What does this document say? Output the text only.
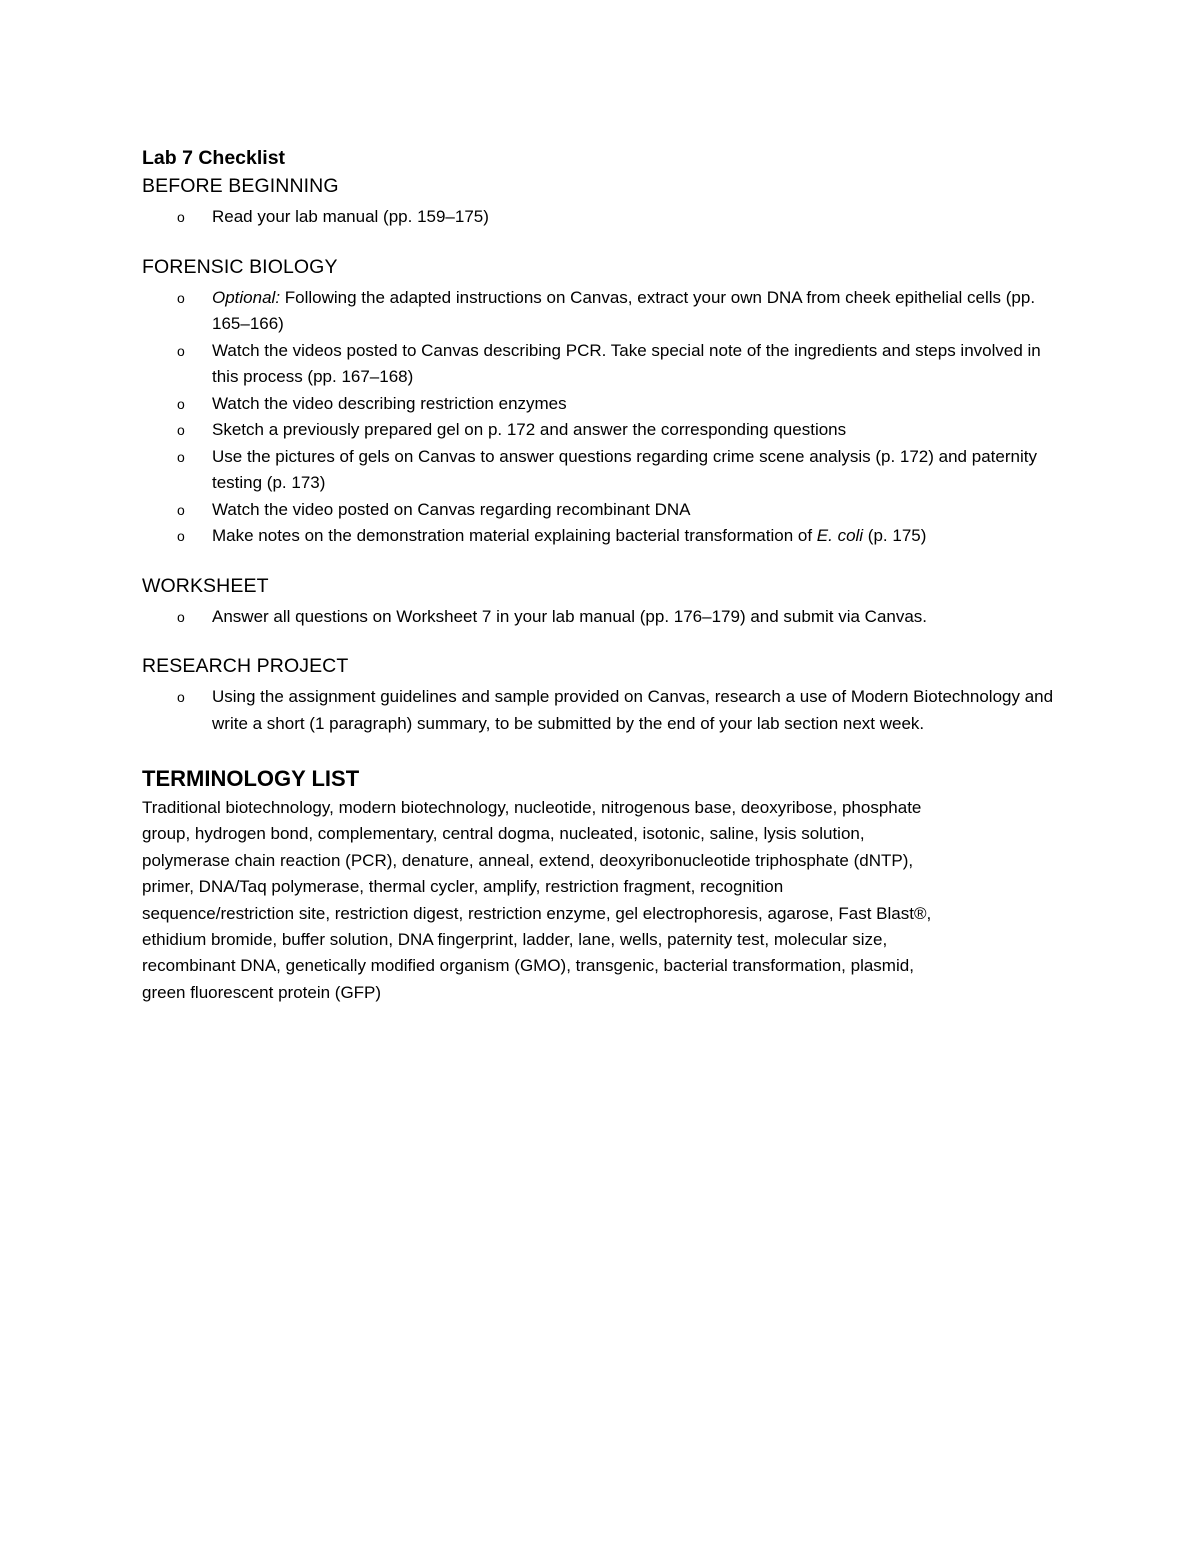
Lab 7 Checklist
BEFORE BEGINNING
o Read your lab manual (pp. 159–175)
FORENSIC BIOLOGY
o Optional: Following the adapted instructions on Canvas, extract your own DNA from cheek epithelial cells (pp. 165–166)
o Watch the videos posted to Canvas describing PCR. Take special note of the ingredients and steps involved in this process (pp. 167–168)
o Watch the video describing restriction enzymes
o Sketch a previously prepared gel on p. 172 and answer the corresponding questions
o Use the pictures of gels on Canvas to answer questions regarding crime scene analysis (p. 172) and paternity testing (p. 173)
o Watch the video posted on Canvas regarding recombinant DNA
o Make notes on the demonstration material explaining bacterial transformation of E. coli (p. 175)
WORKSHEET
o Answer all questions on Worksheet 7 in your lab manual (pp. 176–179) and submit via Canvas.
RESEARCH PROJECT
o Using the assignment guidelines and sample provided on Canvas, research a use of Modern Biotechnology and write a short (1 paragraph) summary, to be submitted by the end of your lab section next week.
TERMINOLOGY LIST

Traditional biotechnology, modern biotechnology, nucleotide, nitrogenous base, deoxyribose, phosphate group, hydrogen bond, complementary, central dogma, nucleated, isotonic, saline, lysis solution, polymerase chain reaction (PCR), denature, anneal, extend, deoxyribonucleotide triphosphate (dNTP), primer, DNA/Taq polymerase, thermal cycler, amplify, restriction fragment, recognition sequence/restriction site, restriction digest, restriction enzyme, gel electrophoresis, agarose, Fast Blast®, ethidium bromide, buffer solution, DNA fingerprint, ladder, lane, wells, paternity test, molecular size, recombinant DNA, genetically modified organism (GMO), transgenic, bacterial transformation, plasmid, green fluorescent protein (GFP)
